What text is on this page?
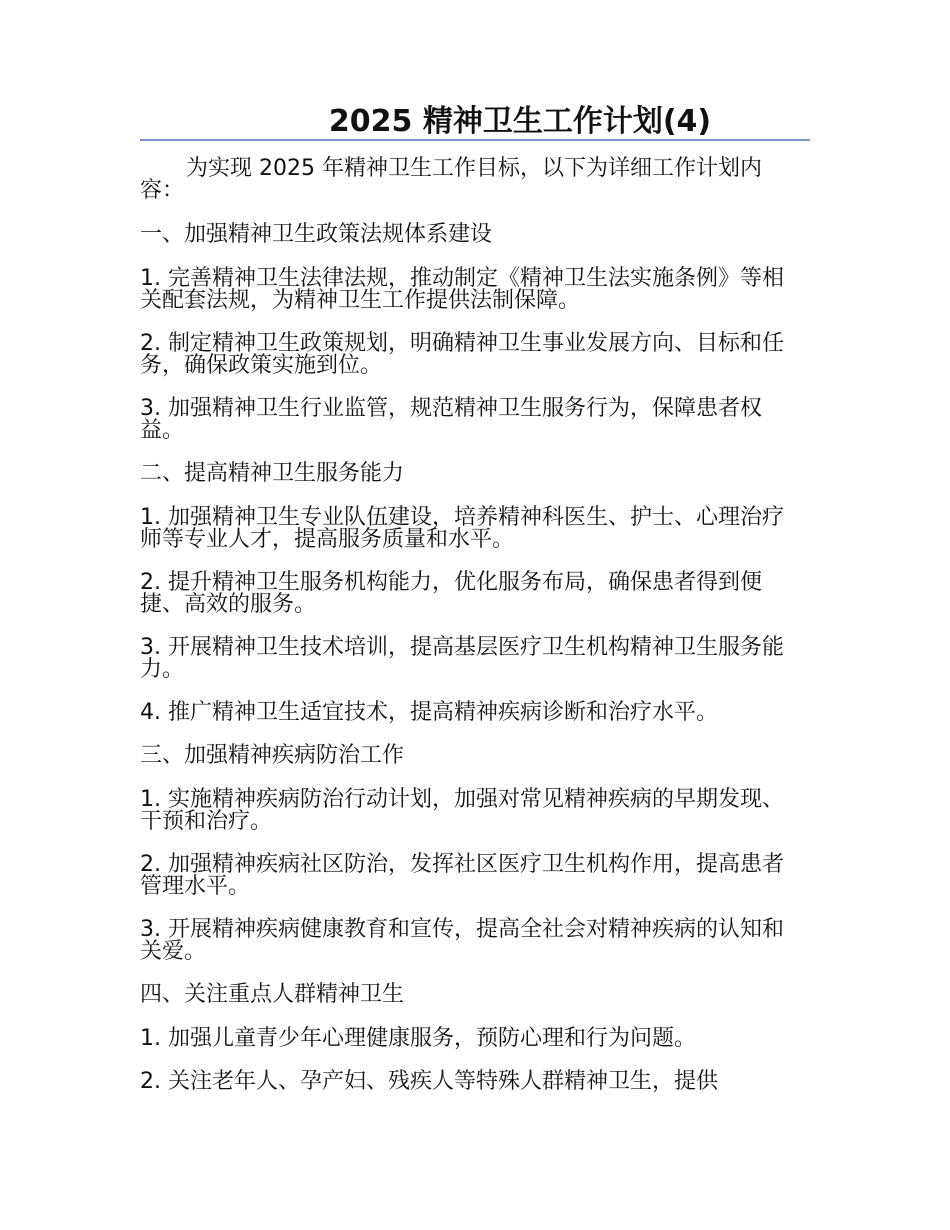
2025 精神卫生工作计划(4)

为实现 2025 年精神卫生工作目标，以下为详细工作计划内容：

一、加强精神卫生政策法规体系建设

1. 完善精神卫生法律法规，推动制定《精神卫生法实施条例》等相关配套法规，为精神卫生工作提供法制保障。

2. 制定精神卫生政策规划，明确精神卫生事业发展方向、目标和任务，确保政策实施到位。

3. 加强精神卫生行业监管，规范精神卫生服务行为，保障患者权益。

二、提高精神卫生服务能力

1. 加强精神卫生专业队伍建设，培养精神科医生、护士、心理治疗师等专业人才，提高服务质量和水平。

2. 提升精神卫生服务机构能力，优化服务布局，确保患者得到便捷、高效的服务。

3. 开展精神卫生技术培训，提高基层医疗卫生机构精神卫生服务能力。

4. 推广精神卫生适宜技术，提高精神疾病诊断和治疗水平。

三、加强精神疾病防治工作

1. 实施精神疾病防治行动计划，加强对常见精神疾病的早期发现、干预和治疗。

2. 加强精神疾病社区防治，发挥社区医疗卫生机构作用，提高患者管理水平。

3. 开展精神疾病健康教育和宣传，提高全社会对精神疾病的认知和关爱。

四、关注重点人群精神卫生

1. 加强儿童青少年心理健康服务，预防心理和行为问题。

2. 关注老年人、孕产妇、残疾人等特殊人群精神卫生，提供
